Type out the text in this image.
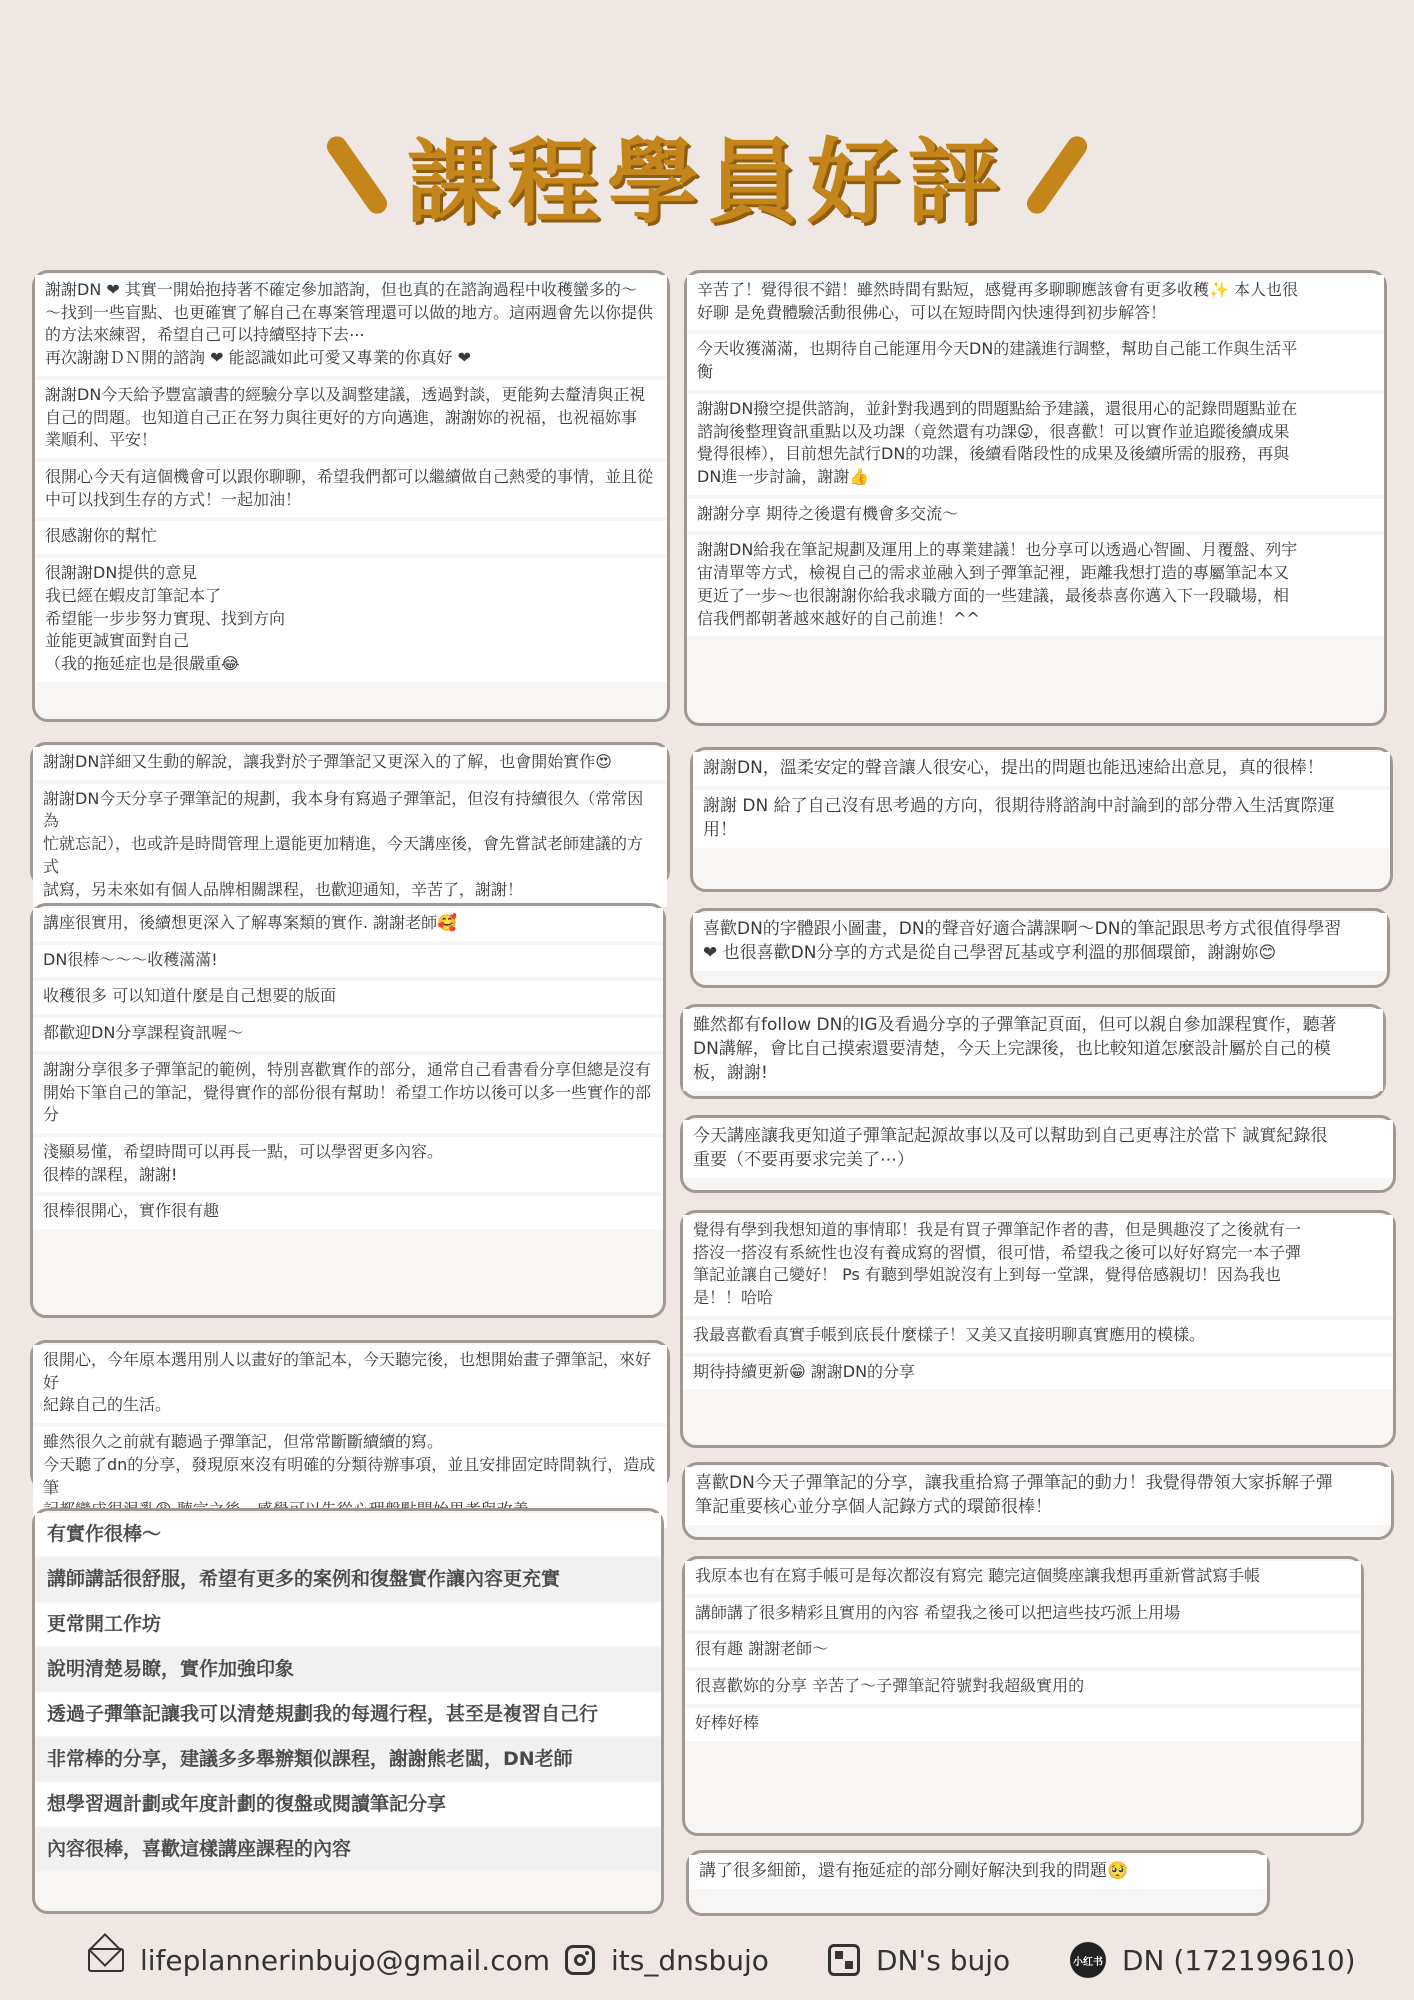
課程學員好評
謝謝DN ❤ 其實一開始抱持著不確定參加諮詢，但也真的在諮詢過程中收穫蠻多的～
～找到一些盲點、也更確實了解自己在專案管理還可以做的地方。這兩週會先以你提供
的方法來練習，希望自己可以持續堅持下去⋯
再次謝謝ＤＮ開的諮詢 ❤ 能認識如此可愛又專業的你真好 ❤
謝謝DN今天給予豐富讀書的經驗分享以及調整建議，透過對談，更能夠去釐清與正視
自己的問題。也知道自己正在努力與往更好的方向邁進，謝謝妳的祝福，也祝福妳事
業順利、平安！
很開心今天有這個機會可以跟你聊聊，希望我們都可以繼續做自己熱愛的事情，並且從
中可以找到生存的方式！一起加油！
很感謝你的幫忙
很謝謝DN提供的意見
我已經在蝦皮訂筆記本了
希望能一步步努力實現、找到方向
並能更誠實面對自己
（我的拖延症也是很嚴重😂
謝謝DN詳細又生動的解說，讓我對於子彈筆記又更深入的了解，也會開始實作😍
謝謝DN今天分享子彈筆記的規劃，我本身有寫過子彈筆記，但沒有持續很久（常常因為
忙就忘記），也或許是時間管理上還能更加精進，今天講座後，會先嘗試老師建議的方式
試寫，另未來如有個人品牌相關課程，也歡迎通知，辛苦了，謝謝！
講座很實用，後續想更深入了解專案類的實作. 謝謝老師🥰
DN很棒～～～收穫滿滿!
收穫很多 可以知道什麼是自己想要的版面
都歡迎DN分享課程資訊喔～
謝謝分享很多子彈筆記的範例，特別喜歡實作的部分，通常自己看書看分享但總是沒有
開始下筆自己的筆記，覺得實作的部份很有幫助！希望工作坊以後可以多一些實作的部
分
淺顯易懂，希望時間可以再長一點，可以學習更多內容。
很棒的課程，謝謝!
很棒很開心，實作很有趣
很開心，今年原本選用別人以畫好的筆記本，今天聽完後，也想開始畫子彈筆記，來好好
紀錄自己的生活。
雖然很久之前就有聽過子彈筆記，但常常斷斷續續的寫。
今天聽了dn的分享，發現原來沒有明確的分類待辦事項，並且安排固定時間執行，造成筆

有實作很棒～
講師講話很舒服，希望有更多的案例和復盤實作讓內容更充實
更常開工作坊
說明清楚易瞭，實作加強印象
透過子彈筆記讓我可以清楚規劃我的每週行程，甚至是複習自己行
非常棒的分享，建議多多舉辦類似課程，謝謝熊老闆，DN老師
想學習週計劃或年度計劃的復盤或閱讀筆記分享
內容很棒，喜歡這樣講座課程的內容
辛苦了！覺得很不錯！雖然時間有點短，感覺再多聊聊應該會有更多收穫✨ 本人也很
好聊 是免費體驗活動很佛心，可以在短時間內快速得到初步解答！
今天收獲滿滿，也期待自己能運用今天DN的建議進行調整，幫助自己能工作與生活平
衡
謝謝DN撥空提供諮詢，並針對我遇到的問題點給予建議，還很用心的記錄問題點並在
諮詢後整理資訊重點以及功課（竟然還有功課😜，很喜歡！可以實作並追蹤後續成果
覺得很棒），目前想先試行DN的功課，後續看階段性的成果及後續所需的服務，再與
DN進一步討論，謝謝👍
謝謝分享 期待之後還有機會多交流～
謝謝DN給我在筆記規劃及運用上的專業建議！也分享可以透過心智圖、月覆盤、列宇
宙清單等方式，檢視自己的需求並融入到子彈筆記裡，距離我想打造的專屬筆記本又
更近了一步～也很謝謝你給我求職方面的一些建議，最後恭喜你邁入下一段職場，相
信我們都朝著越來越好的自己前進！^^
謝謝DN，溫柔安定的聲音讓人很安心，提出的問題也能迅速給出意見，真的很棒！
謝謝 DN 給了自己沒有思考過的方向，很期待將諮詢中討論到的部分帶入生活實際運
用！
喜歡DN的字體跟小圖畫，DN的聲音好適合講課啊～DN的筆記跟思考方式很值得學習
❤ 也很喜歡DN分享的方式是從自己學習瓦基或亨利溫的那個環節，謝謝妳😊
雖然都有follow DN的IG及看過分享的子彈筆記頁面，但可以親自參加課程實作，聽著
DN講解，會比自己摸索還要清楚，今天上完課後，也比較知道怎麼設計屬於自己的模
板，謝謝!
今天講座讓我更知道子彈筆記起源故事以及可以幫助到自己更專注於當下 誠實紀錄很
重要（不要再要求完美了⋯）
覺得有學到我想知道的事情耶！我是有買子彈筆記作者的書，但是興趣沒了之後就有一
搭沒一搭沒有系統性也沒有養成寫的習慣，很可惜，希望我之後可以好好寫完一本子彈
筆記並讓自己變好！ Ps 有聽到學姐說沒有上到每一堂課，覺得倍感親切！因為我也
是！！哈哈
我最喜歡看真實手帳到底長什麼樣子！又美又直接明聊真實應用的模樣。
期待持續更新😁 謝謝DN的分享
喜歡DN今天子彈筆記的分享，讓我重拾寫子彈筆記的動力！我覺得帶領大家拆解子彈
筆記重要核心並分享個人記錄方式的環節很棒！
我原本也有在寫手帳可是每次都沒有寫完 聽完這個獎座讓我想再重新嘗試寫手帳
講師講了很多精彩且實用的內容 希望我之後可以把這些技巧派上用場
很有趣 謝謝老師～
很喜歡妳的分享 辛苦了～子彈筆記符號對我超級實用的
好棒好棒
講了很多細節，還有拖延症的部分剛好解決到我的問題🥺
lifeplannerinbujo@gmail.com its_dnsbujo	DN's bujo	小红书 DN (172199610)
